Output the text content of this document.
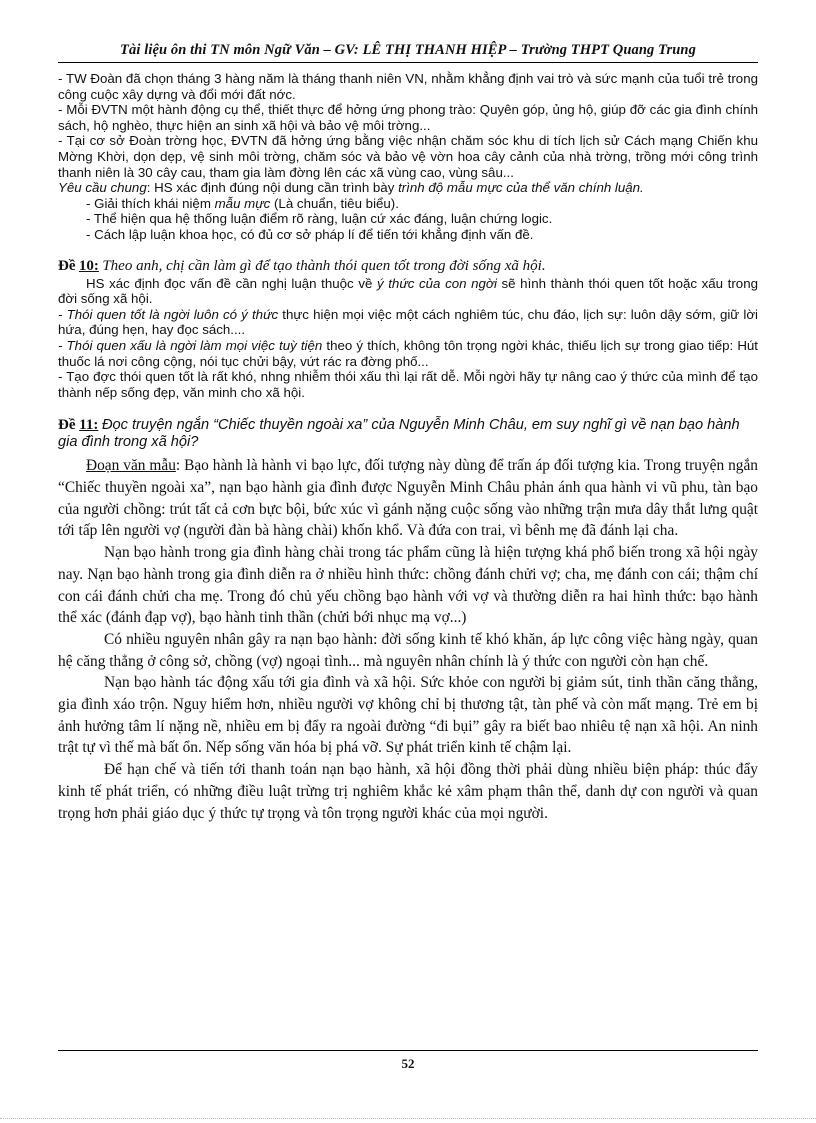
Tài liệu ôn thi TN môn Ngữ Văn – GV: LÊ THỊ THANH HIỆP – Trường THPT Quang Trung

- TW Đoàn đã chọn tháng 3 hàng năm là tháng thanh niên VN, nhằm khẳng định vai trò và sức mạnh của tuổi trẻ trong công cuộc xây dựng và đổi mới đất nớc.

- Mỗi ĐVTN một hành động cụ thể, thiết thực để hởng ứng phong trào: Quyên góp, ủng hộ, giúp đỡ các gia đình chính sách, hộ nghèo, thực hiện an sinh xã hội và bảo vệ môi trờng...

- Tại cơ sở Đoàn trờng học, ĐVTN đã hởng ứng bằng việc nhận chăm sóc khu di tích lịch sử Cách mạng Chiến khu Mờng Khời, dọn dẹp, vệ sinh môi trờng, chăm sóc và bảo vệ vờn hoa cây cảnh của nhà trờng, trồng mới công trình thanh niên là 30 cây cau, tham gia làm đờng lên các xã vùng cao, vùng sâu...

Yêu cầu chung: HS xác định đúng nội dung cần trình bày trình độ mẫu mực của thể văn chính luận.

- Giải thích khái niệm mẫu mực (Là chuẩn, tiêu biểu).

- Thể hiện qua hệ thống luận điểm rõ ràng, luận cứ xác đáng, luận chứng logic.

- Cách lập luận khoa học, có đủ cơ sở pháp lí để tiến tới khẳng định vấn đề.

Đề 10: Theo anh, chị cần làm gì để tạo thành thói quen tốt trong đời sống xã hội.

HS xác định đọc vấn đề cần nghị luận thuộc về ý thức của con ngời sẽ hình thành thói quen tốt hoặc xấu trong đời sống xã hội.

- Thói quen tốt là ngời luôn có ý thức thực hiện mọi việc một cách nghiêm túc, chu đáo, lịch sự: luôn dậy sớm, giữ lời hứa, đúng hẹn, hay đọc sách....

- Thói quen xấu là ngời làm mọi việc tuỳ tiện theo ý thích, không tôn trọng ngời khác, thiếu lịch sự trong giao tiếp: Hút thuốc lá nơi công cộng, nói tục chửi bậy, vứt rác ra đờng phố...

- Tạo đợc thói quen tốt là rất khó, nhng nhiễm thói xấu thì lại rất dễ. Mỗi ngời hãy tự nâng cao ý thức của mình để tạo thành nếp sống đẹp, văn minh cho xã hội.

Đề 11: Đọc truyện ngắn “Chiếc thuyền ngoài xa” của Nguyễn Minh Châu, em suy nghĩ gì về nạn bạo hành gia đình trong xã hội?

Đoạn văn mẫu: Bạo hành là hành vi bạo lực, đối tượng này dùng để trấn áp đối tượng kia. Trong truyện ngắn “Chiếc thuyền ngoài xa”, nạn bạo hành gia đình được Nguyễn Minh Châu phản ánh qua hành vi vũ phu, tàn bạo của người chồng: trút tất cả cơn bực bội, bức xúc vì gánh nặng cuộc sống vào những trận mưa dây thắt lưng quật tới tấp lên người vợ (người đàn bà hàng chài) khốn khổ. Và đứa con trai, vì bênh mẹ đã đánh lại cha.

Nạn bạo hành trong gia đình hàng chài trong tác phẩm cũng là hiện tượng khá phổ biến trong xã hội ngày nay. Nạn bạo hành trong gia đình diễn ra ở nhiều hình thức: chồng đánh chửi vợ; cha, mẹ đánh con cái; thậm chí con cái đánh chửi cha mẹ. Trong đó chủ yếu chồng bạo hành với vợ và thường diễn ra hai hình thức: bạo hành thể xác (đánh đạp vợ), bạo hành tinh thần (chửi bới nhục mạ vợ...)

Có nhiều nguyên nhân gây ra nạn bạo hành: đời sống kinh tế khó khăn, áp lực công việc hàng ngày, quan hệ căng thẳng ở công sở, chồng (vợ) ngoại tình... mà nguyên nhân chính là ý thức con người còn hạn chế.

Nạn bạo hành tác động xấu tới gia đình và xã hội. Sức khỏe con người bị giảm sút, tinh thần căng thẳng, gia đình xáo trộn. Nguy hiểm hơn, nhiều người vợ không chỉ bị thương tật, tàn phế và còn mất mạng. Trẻ em bị ảnh hưởng tâm lí nặng nề, nhiều em bị đẩy ra ngoài đường “đi bụi” gây ra biết bao nhiêu tệ nạn xã hội. An ninh trật tự vì thế mà bất ổn. Nếp sống văn hóa bị phá vỡ. Sự phát triển kinh tế chậm lại.

Để hạn chế và tiến tới thanh toán nạn bạo hành, xã hội đồng thời phải dùng nhiều biện pháp: thúc đẩy kinh tế phát triển, có những điều luật trừng trị nghiêm khắc kẻ xâm phạm thân thể, danh dự con người và quan trọng hơn phải giáo dục ý thức tự trọng và tôn trọng người khác của mọi người.

52
